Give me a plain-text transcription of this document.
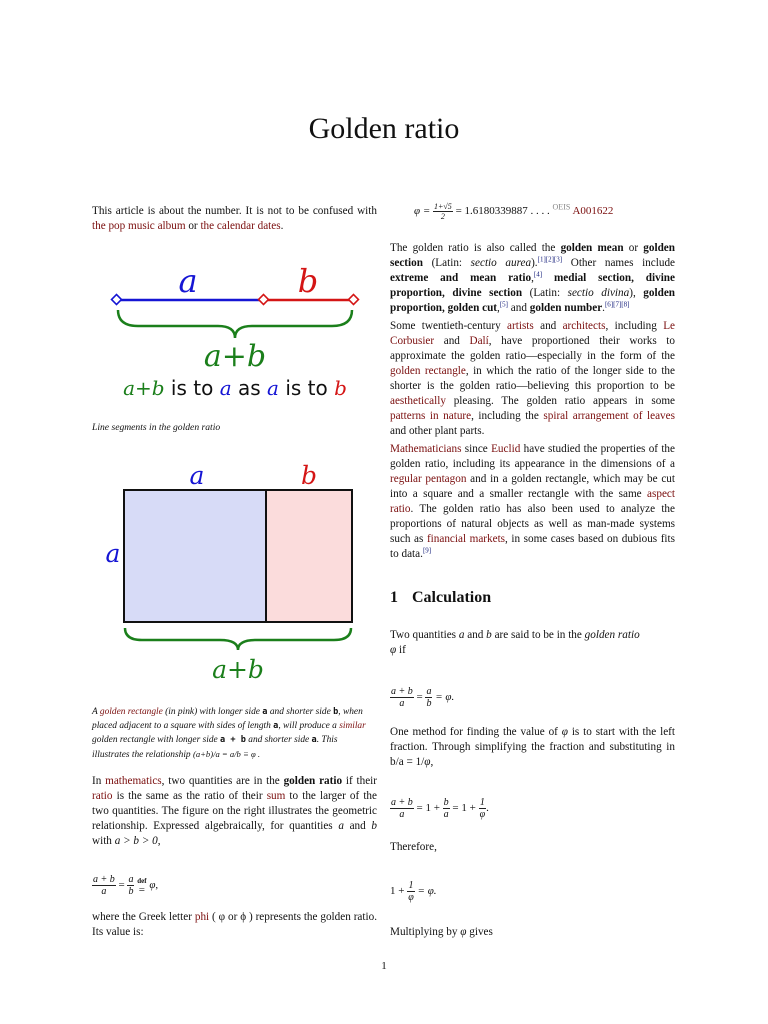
Golden ratio
This article is about the number. It is not to be confused with the pop music album or the calendar dates.
a	b
a+b
a+b is to a as a is to b
Line segments in the golden ratio
a	b
a
a+b
A golden rectangle (in pink) with longer side a and shorter side b, when placed adjacent to a square with sides of length a, will produce a similar golden rectangle with longer side a + b and shorter side a. This illustrates the relationship (a+b)/a = a/b ≡ φ .
In mathematics, two quantities are in the golden ratio if their ratio is the same as the ratio of their sum to the larger of the two quantities. The figure on the right illustrates the geometric relationship. Expressed algebraically, for quantities a and b with a > b > 0,
$\frac{a + b}{a} = \frac{a}{b}$
def
= φ,
where the Greek letter phi ( φ or ϕ ) represents the golden ratio. Its value is:
$\varphi = \frac{1+√5}{2} = 1.6180339887$ . . . . $^{OEIS}$ A001622
The golden ratio is also called the golden mean or golden section (Latin: sectio aurea).[1][2][3] Other names include extreme and mean ratio,[4] medial section, divine proportion, divine section (Latin: sectio divina), golden proportion, golden cut,[5] and golden number.[6][7][8]
Some twentieth-century artists and architects, including Le Corbusier and Dalí, have proportioned their works to approximate the golden ratio—especially in the form of the golden rectangle, in which the ratio of the longer side to the shorter is the golden ratio—believing this proportion to be aesthetically pleasing. The golden ratio appears in some patterns in nature, including the spiral arrangement of leaves and other plant parts.
Mathematicians since Euclid have studied the properties of the golden ratio, including its appearance in the dimensions of a regular pentagon and in a golden rectangle, which may be cut into a square and a smaller rectangle with the same aspect ratio. The golden ratio has also been used to analyze the proportions of natural objects as well as man-made systems such as financial markets, in some cases based on dubious fits to data.[9]
1 Calculation
Two quantities a and b are said to be in the golden ratio
φ if
$\frac{a + b}{a} = \frac{a}{b} = \varphi$.
One method for finding the value of φ is to start with the left fraction. Through simplifying the fraction and substituting in b/a = 1/φ,
$\frac{a + b}{a} = 1 + \frac{b}{a} = 1 + \frac{1}{\varphi}$ .
Therefore,
$1 + \frac{1}{\varphi} = \varphi$.
Multiplying by φ gives
1
